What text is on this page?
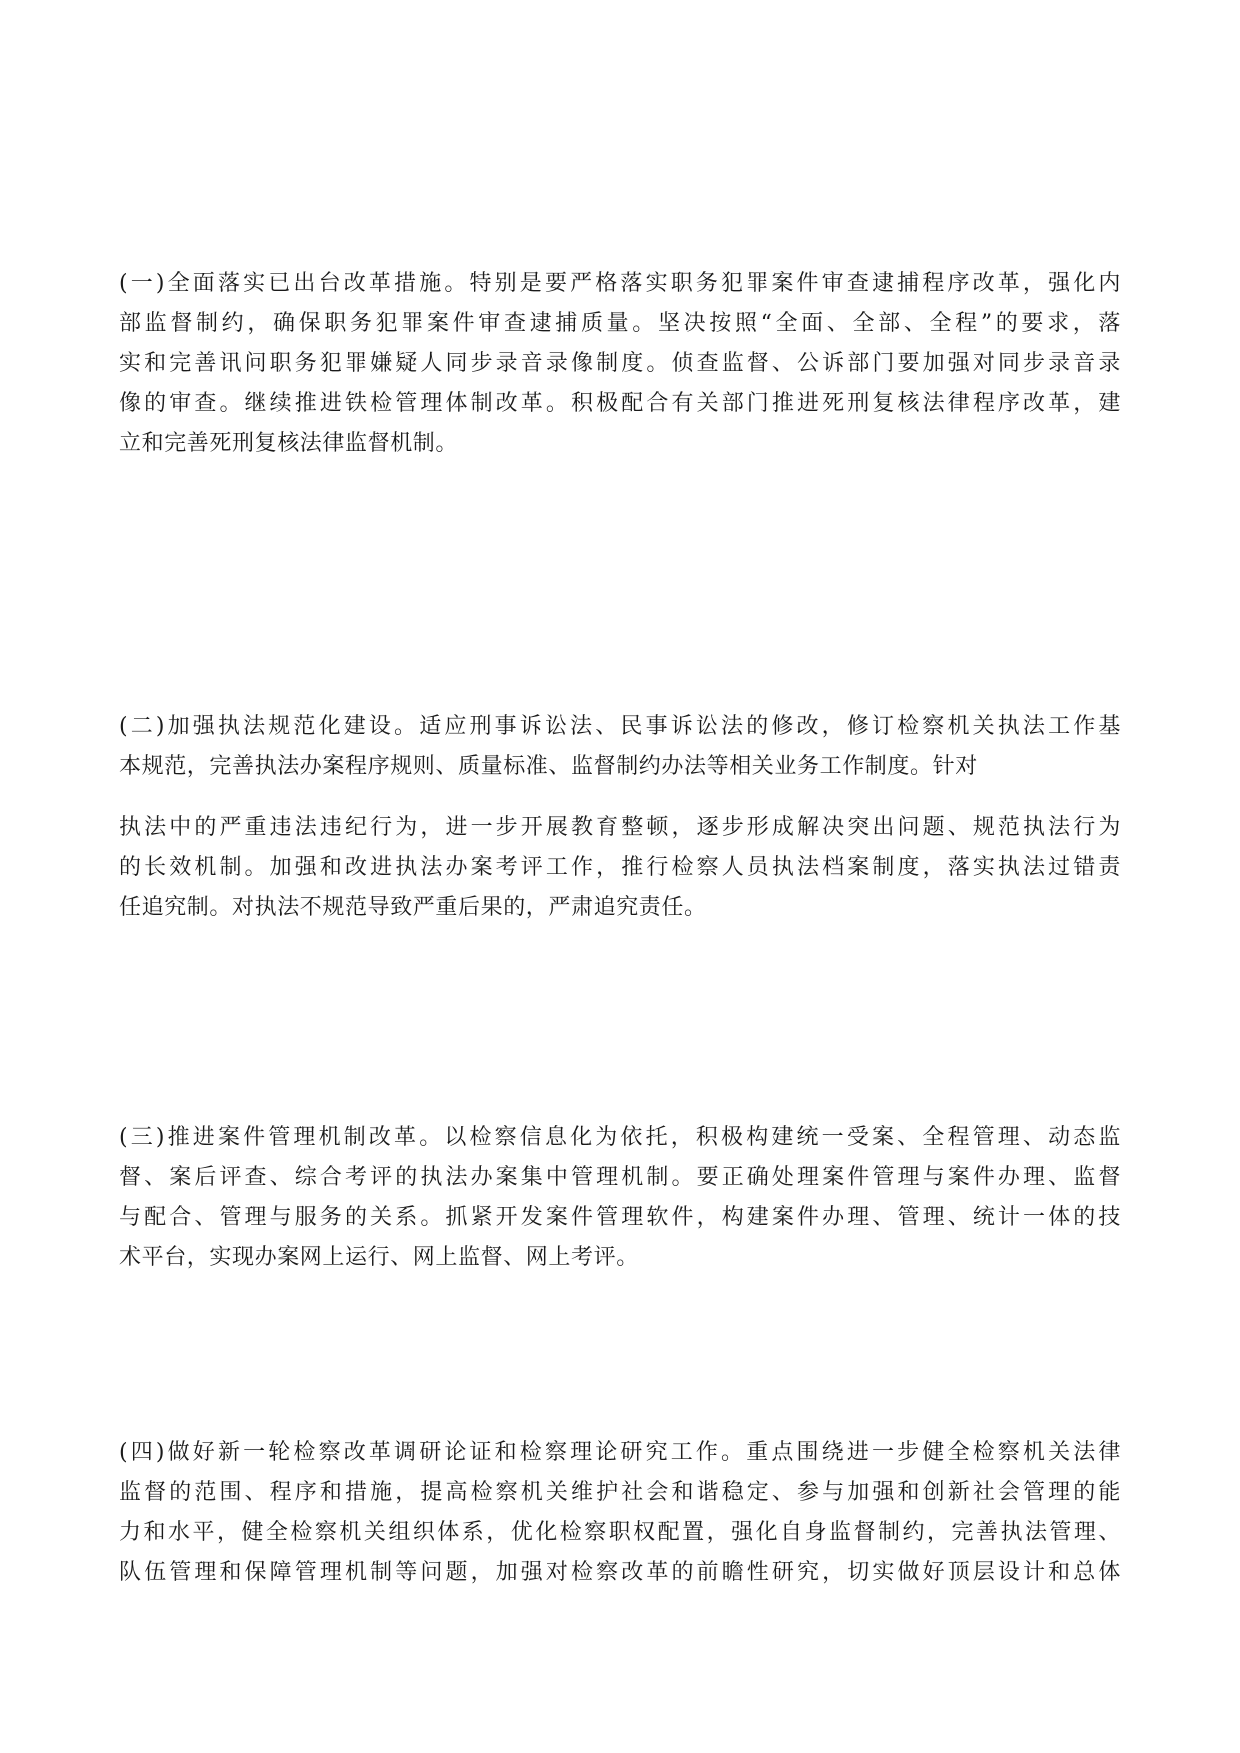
(一)全面落实已出台改革措施。特别是要严格落实职务犯罪案件审查逮捕程序改革，强化内
部监督制约，确保职务犯罪案件审查逮捕质量。坚决按照“全面、全部、全程”的要求，落
实和完善讯问职务犯罪嫌疑人同步录音录像制度。侦查监督、公诉部门要加强对同步录音录
像的审查。继续推进铁检管理体制改革。积极配合有关部门推进死刑复核法律程序改革，建
立和完善死刑复核法律监督机制。
(二)加强执法规范化建设。适应刑事诉讼法、民事诉讼法的修改，修订检察机关执法工作基
本规范，完善执法办案程序规则、质量标准、监督制约办法等相关业务工作制度。针对
执法中的严重违法违纪行为，进一步开展教育整顿，逐步形成解决突出问题、规范执法行为
的长效机制。加强和改进执法办案考评工作，推行检察人员执法档案制度，落实执法过错责
任追究制。对执法不规范导致严重后果的，严肃追究责任。
(三)推进案件管理机制改革。以检察信息化为依托，积极构建统一受案、全程管理、动态监
督、案后评查、综合考评的执法办案集中管理机制。要正确处理案件管理与案件办理、监督
与配合、管理与服务的关系。抓紧开发案件管理软件，构建案件办理、管理、统计一体的技
术平台，实现办案网上运行、网上监督、网上考评。
(四)做好新一轮检察改革调研论证和检察理论研究工作。重点围绕进一步健全检察机关法律
监督的范围、程序和措施，提高检察机关维护社会和谐稳定、参与加强和创新社会管理的能
力和水平，健全检察机关组织体系，优化检察职权配置，强化自身监督制约，完善执法管理、
队伍管理和保障管理机制等问题，加强对检察改革的前瞻性研究，切实做好顶层设计和总体
